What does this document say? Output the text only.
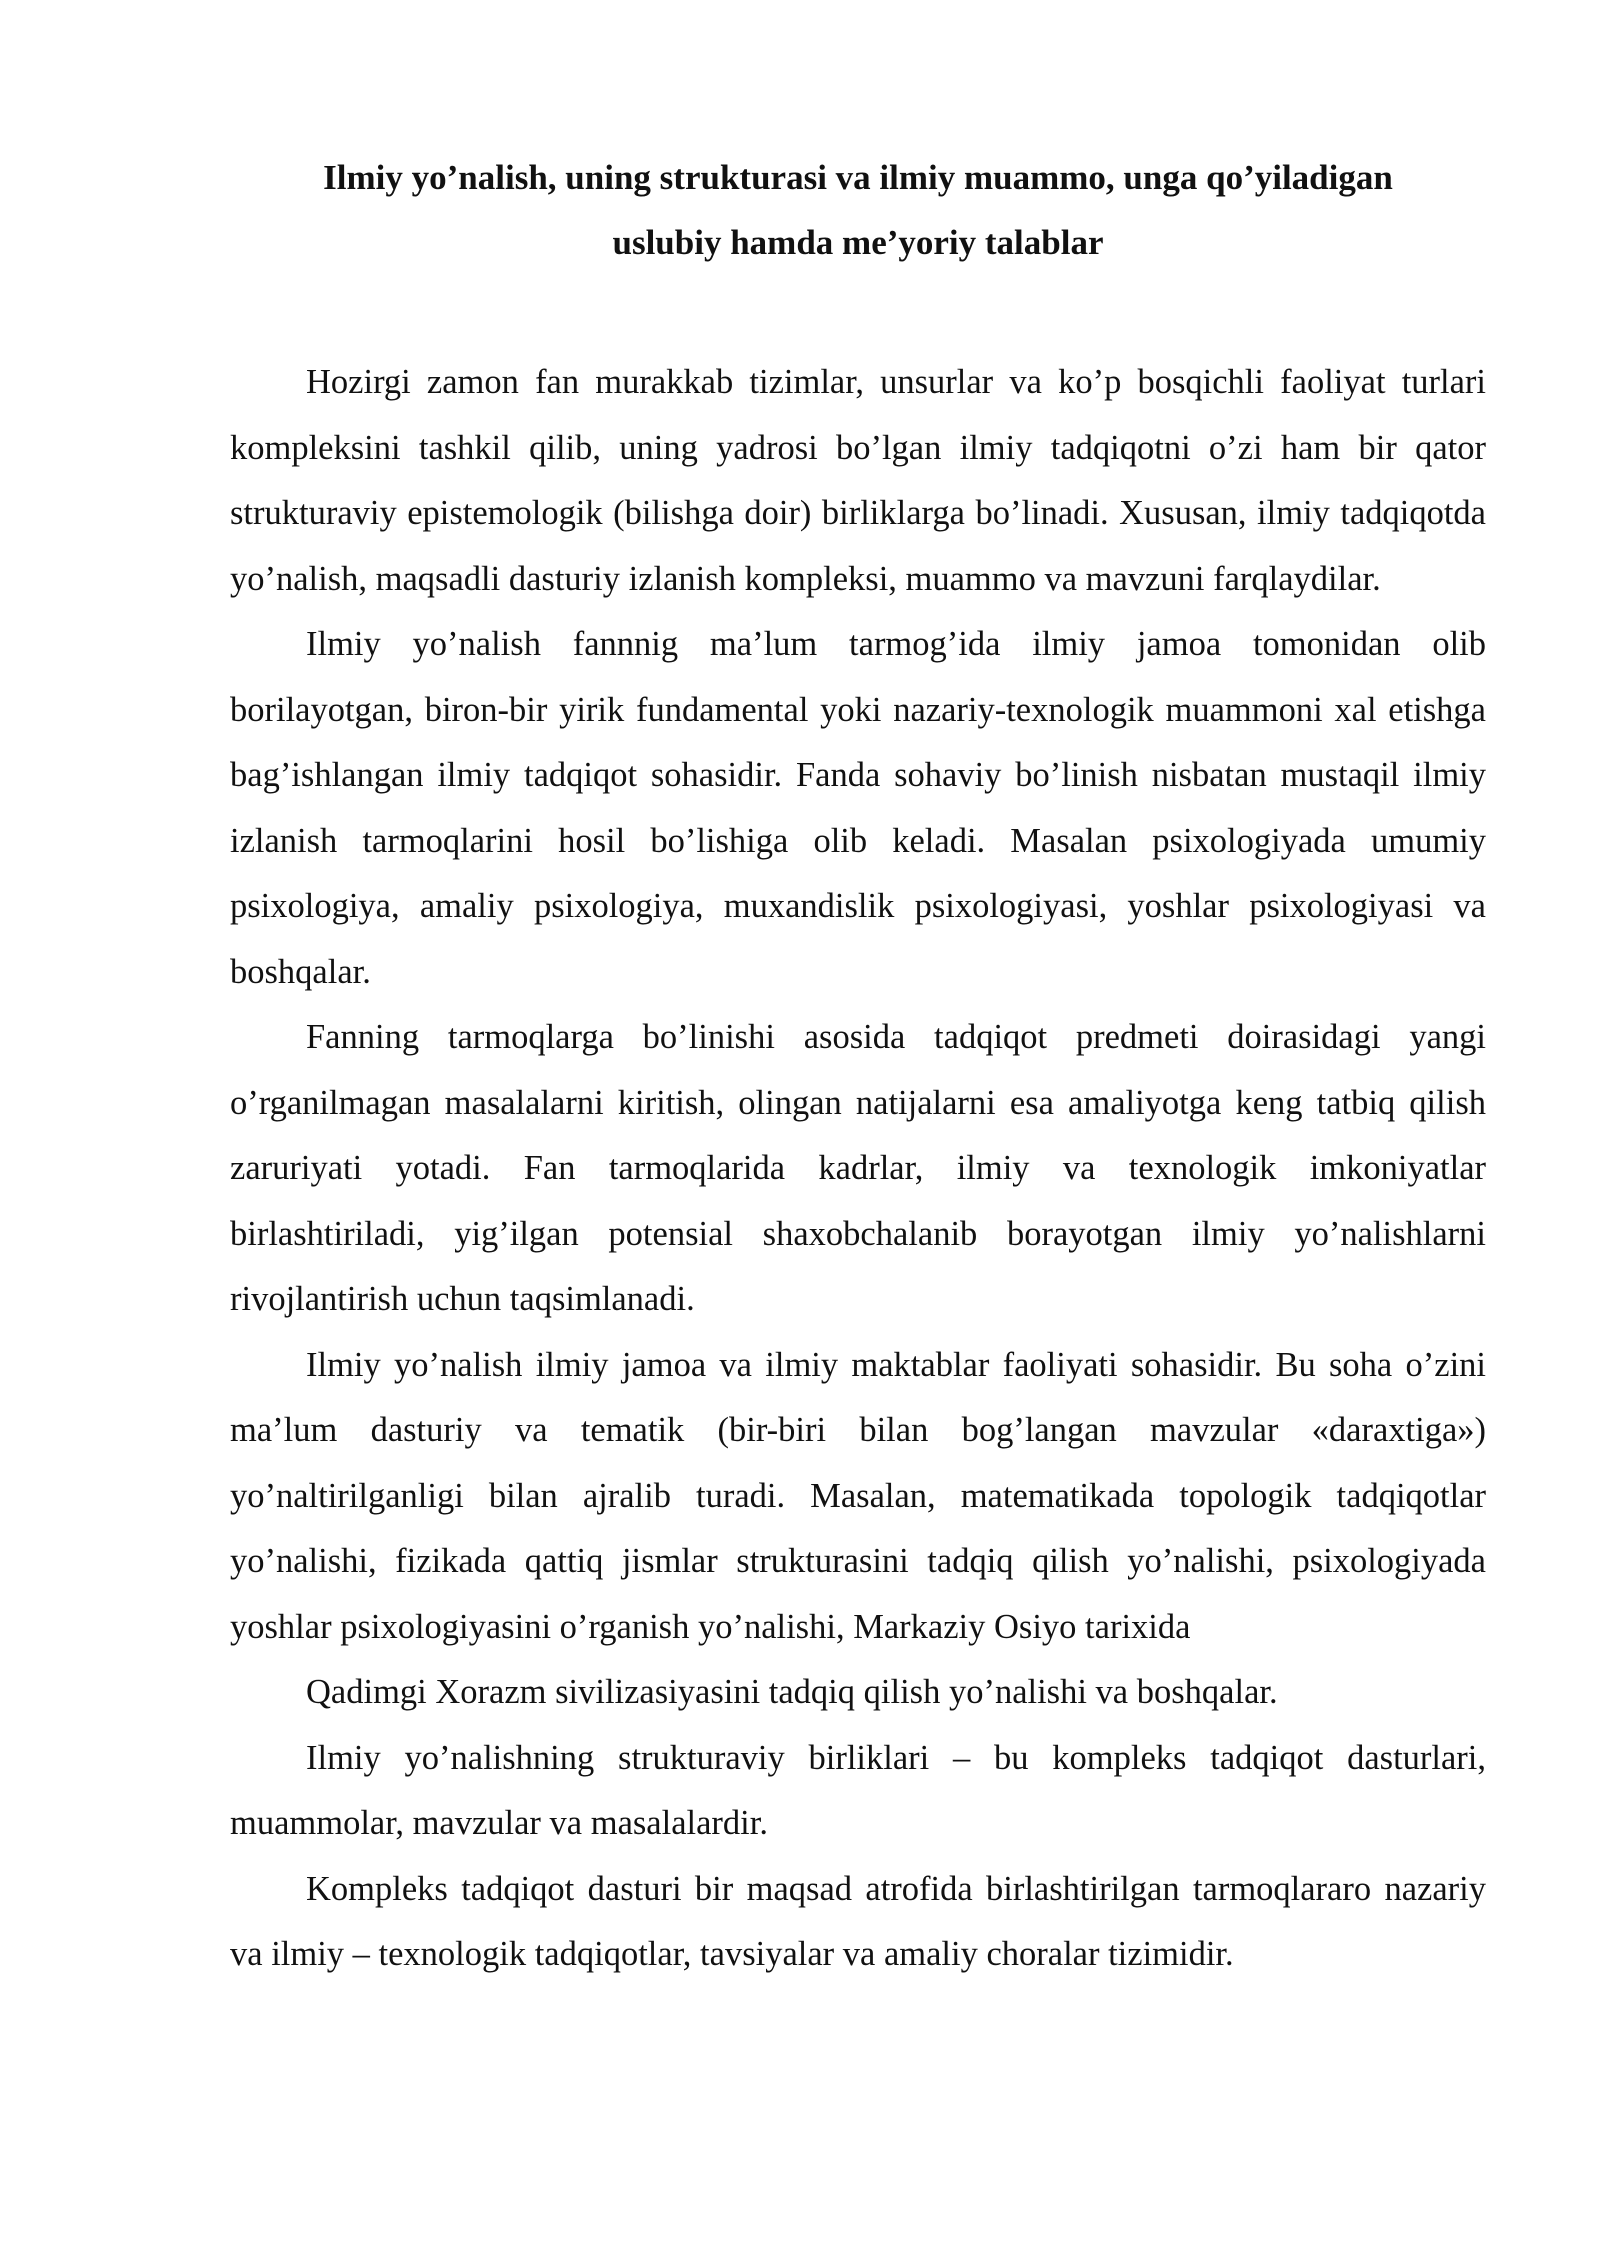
Ilmiy yo’nalish, uning strukturasi va ilmiy muammo, unga qo’yiladigan
uslubiy hamda me’yoriy talablar

Hozirgi zamon fan murakkab tizimlar, unsurlar va ko’p bosqichli faoliyat turlari kompleksini tashkil qilib, uning yadrosi bo’lgan ilmiy tadqiqotni o’zi ham bir qator strukturaviy epistemologik (bilishga doir) birliklarga bo’linadi. Xususan, ilmiy tadqiqotda yo’nalish, maqsadli dasturiy izlanish kompleksi, muammo va mavzuni farqlaydilar.

Ilmiy yo’nalish fannnig ma’lum tarmog’ida ilmiy jamoa tomonidan olib borilayotgan, biron-bir yirik fundamental yoki nazariy-texnologik muammoni xal etishga bag’ishlangan ilmiy tadqiqot sohasidir. Fanda sohaviy bo’linish nisbatan mustaqil ilmiy izlanish tarmoqlarini hosil bo’lishiga olib keladi. Masalan psixologiyada umumiy psixologiya, amaliy psixologiya, muxandislik psixologiyasi, yoshlar psixologiyasi va boshqalar.

Fanning tarmoqlarga bo’linishi asosida tadqiqot predmeti doirasidagi yangi o’rganilmagan masalalarni kiritish, olingan natijalarni esa amaliyotga keng tatbiq qilish zaruriyati yotadi. Fan tarmoqlarida kadrlar, ilmiy va texnologik imkoniyatlar birlashtiriladi, yig’ilgan potensial shaxobchalanib borayotgan ilmiy yo’nalishlarni rivojlantirish uchun taqsimlanadi.

Ilmiy yo’nalish ilmiy jamoa va ilmiy maktablar faoliyati sohasidir. Bu soha o’zini ma’lum dasturiy va tematik (bir-biri bilan bog’langan mavzular «daraxtiga») yo’naltirilganligi bilan ajralib turadi. Masalan, matematikada topologik tadqiqotlar yo’nalishi, fizikada qattiq jismlar strukturasini tadqiq qilish yo’nalishi, psixologiyada yoshlar psixologiyasini o’rganish yo’nalishi, Markaziy Osiyo tarixida

Qadimgi Xorazm sivilizasiyasini tadqiq qilish yo’nalishi va boshqalar.

Ilmiy yo’nalishning strukturaviy birliklari – bu kompleks tadqiqot dasturlari, muammolar, mavzular va masalalardir.

Kompleks tadqiqot dasturi bir maqsad atrofida birlashtirilgan tarmoqlararo nazariy va ilmiy – texnologik tadqiqotlar, tavsiyalar va amaliy choralar tizimidir.
